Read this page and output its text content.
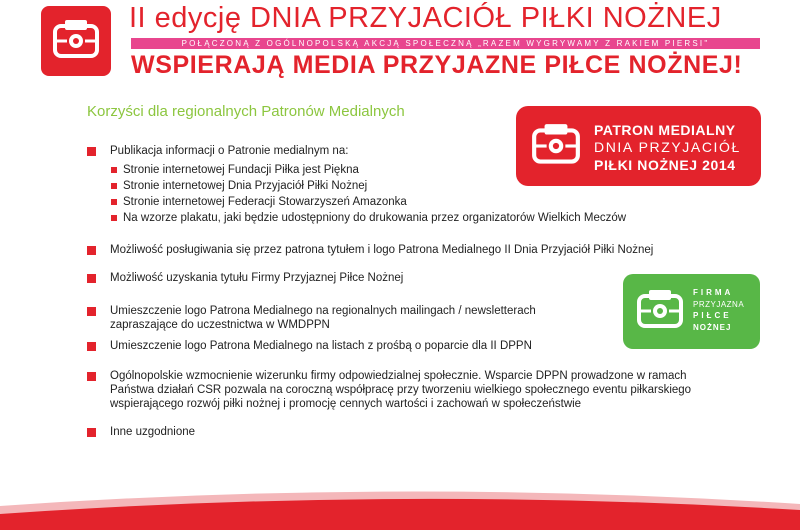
II edycję DNIA PRZYJACIÓŁ PIŁKI NOŻNEJ
POŁĄCZONĄ Z OGÓLNOPOLSKĄ AKCJĄ SPOŁECZNĄ „RAZEM WYGRYWAMY Z RAKIEM PIERSI"
WSPIERAJĄ MEDIA PRZYJAZNE PIŁCE NOŻNEJ!
Korzyści dla regionalnych Patronów Medialnych
PATRON MEDIALNY
DNIA PRZYJACIÓŁ
PIŁKI NOŻNEJ 2014
FIRMA
PRZYJAZNA
PIŁCE
NOŻNEJ
Publikacja informacji o Patronie medialnym na:
Stronie internetowej Fundacji Piłka jest Piękna
Stronie internetowej Dnia Przyjaciół Piłki Nożnej
Stronie internetowej Federacji Stowarzyszeń Amazonka
Na wzorze plakatu, jaki będzie udostępniony do drukowania przez organizatorów Wielkich Meczów
Możliwość posługiwania się przez patrona tytułem i logo Patrona Medialnego II Dnia Przyjaciół Piłki Nożnej
Możliwość uzyskania tytułu Firmy Przyjaznej Piłce Nożnej
Umieszczenie logo Patrona Medialnego na regionalnych mailingach / newsletterach
zapraszające do uczestnictwa w WMDPPN
Umieszczenie logo Patrona Medialnego na listach z prośbą o poparcie dla II DPPN
Ogólnopolskie wzmocnienie wizerunku firmy odpowiedzialnej społecznie. Wsparcie DPPN prowadzone w ramach
Państwa działań CSR pozwala na coroczną współpracę przy tworzeniu wielkiego społecznego eventu piłkarskiego
wspierającego rozwój piłki nożnej i promocję cennych wartości i zachowań w społeczeństwie
Inne uzgodnione
